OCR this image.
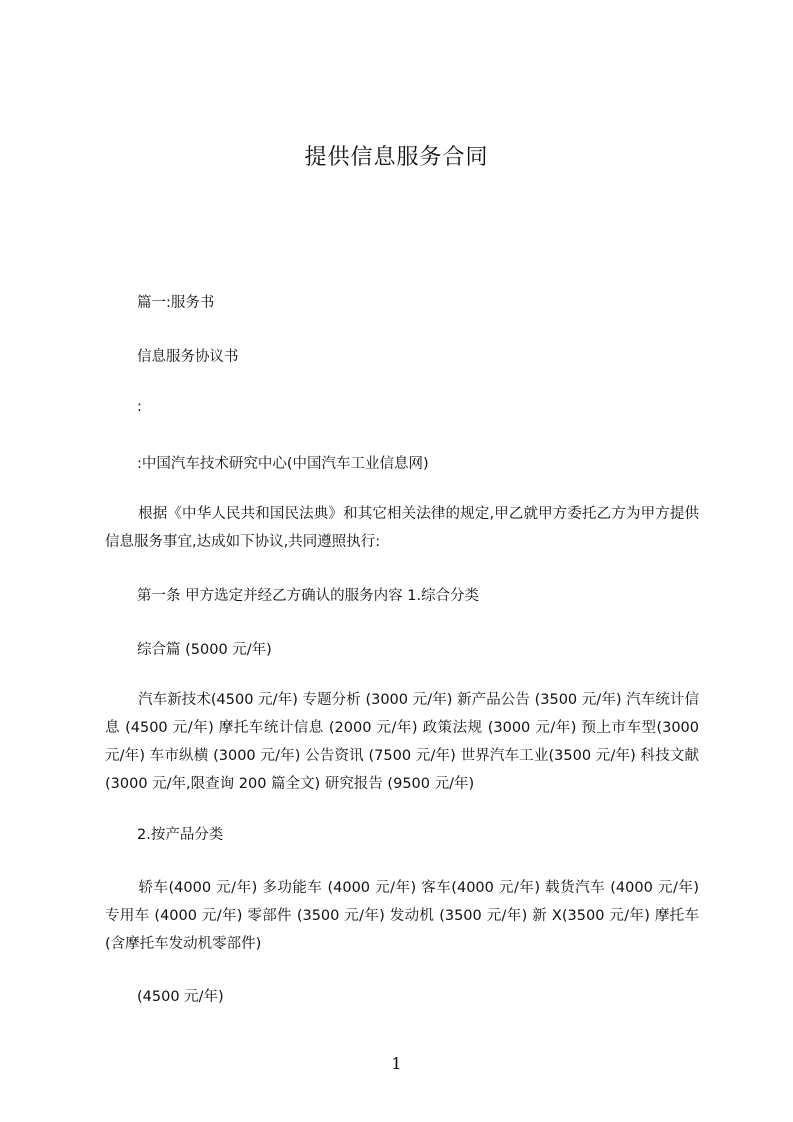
提供信息服务合同

篇一:服务书

信息服务协议书

:

:中国汽车技术研究中心(中国汽车工业信息网)

根据《中华人民共和国民法典》和其它相关法律的规定,甲乙就甲方委托乙方为甲方提供信息服务事宜,达成如下协议,共同遵照执行:

第一条 甲方选定并经乙方确认的服务内容 1.综合分类

综合篇 (5000 元/年)

汽车新技术(4500 元/年) 专题分析 (3000 元/年) 新产品公告 (3500 元/年) 汽车统计信息 (4500 元/年) 摩托车统计信息 (2000 元/年) 政策法规 (3000 元/年) 预上市车型(3000 元/年) 车市纵横 (3000 元/年) 公告资讯 (7500 元/年) 世界汽车工业(3500 元/年) 科技文献(3000 元/年,限查询 200 篇全文) 研究报告 (9500 元/年)

2.按产品分类

轿车(4000 元/年) 多功能车 (4000 元/年) 客车(4000 元/年) 载货汽车 (4000 元/年) 专用车 (4000 元/年) 零部件 (3500 元/年) 发动机 (3500 元/年) 新 X(3500 元/年) 摩托车(含摩托车发动机零部件)

(4500 元/年)

1
